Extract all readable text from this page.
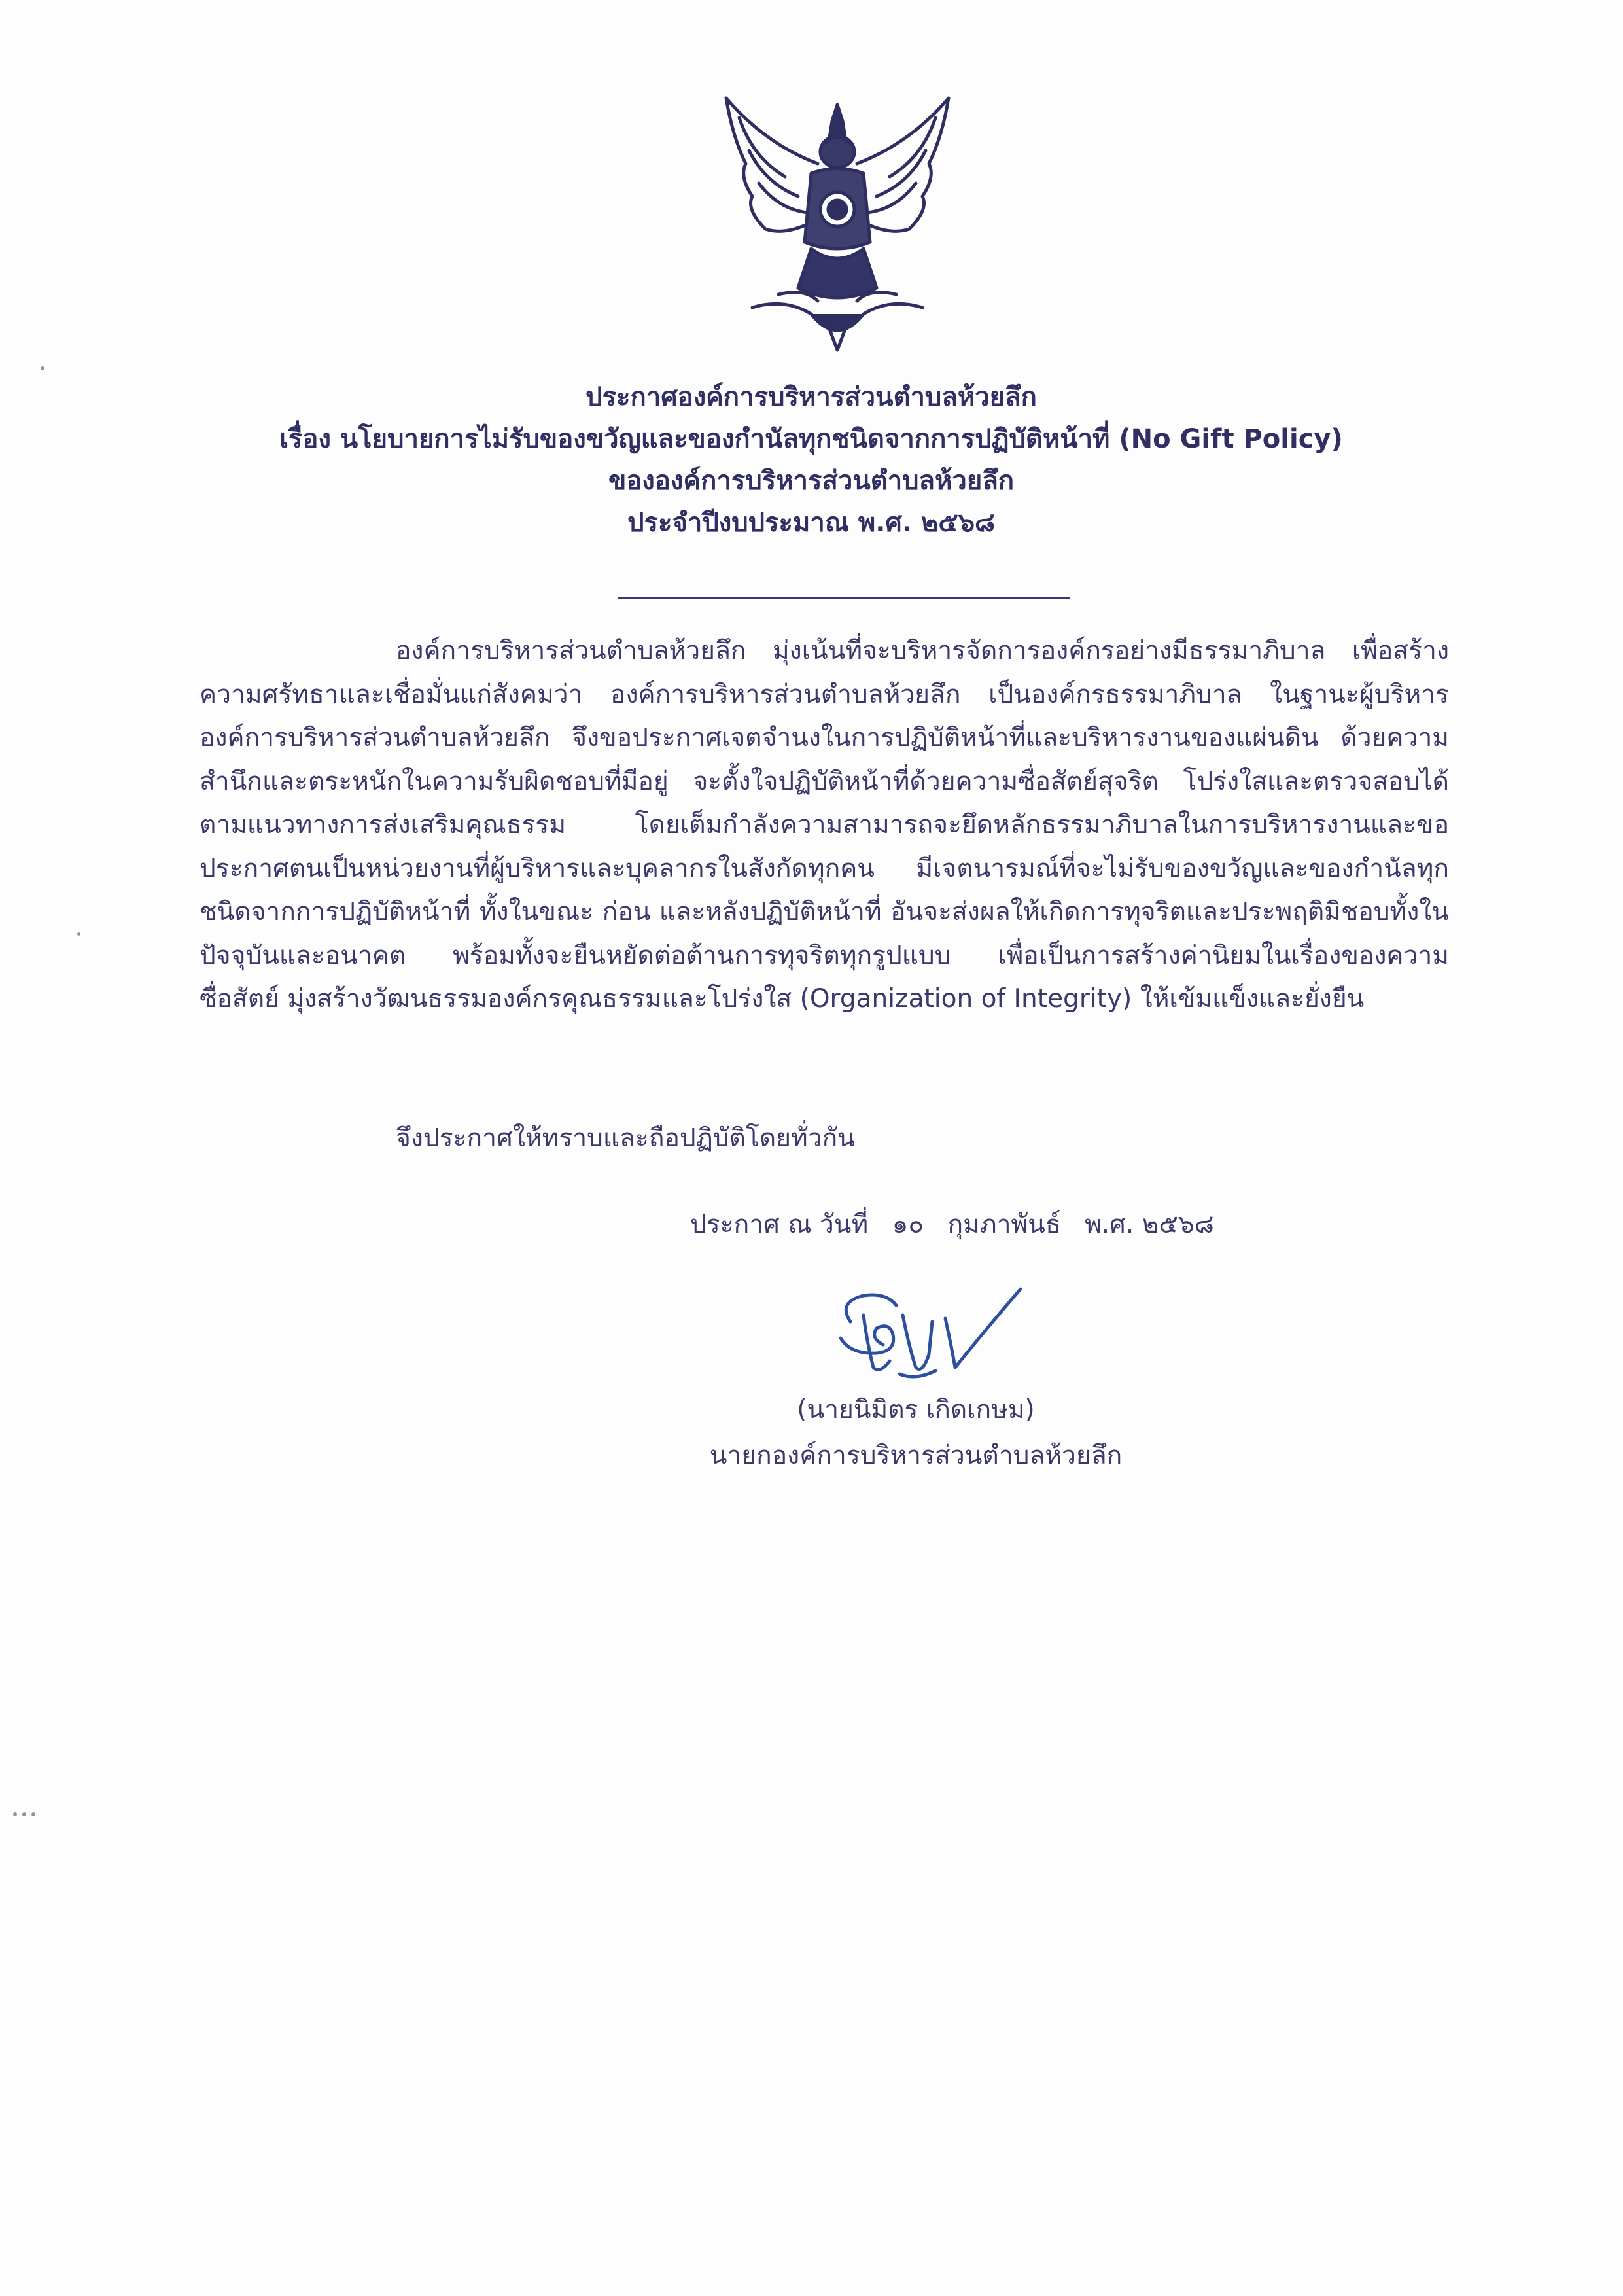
ประกาศองค์การบริหารส่วนตำบลห้วยลึก
เรื่อง นโยบายการไม่รับของขวัญและของกำนัลทุกชนิดจากการปฏิบัติหน้าที่ (No Gift Policy)
ขององค์การบริหารส่วนตำบลห้วยลึก
ประจำปีงบประมาณ พ.ศ. ๒๕๖๘

องค์การบริหารส่วนตำบลห้วยลึก มุ่งเน้นที่จะบริหารจัดการองค์กรอย่างมีธรรมาภิบาล เพื่อสร้างความศรัทธาและเชื่อมั่นแก่สังคมว่า องค์การบริหารส่วนตำบลห้วยลึก เป็นองค์กรธรรมาภิบาล ในฐานะผู้บริหารองค์การบริหารส่วนตำบลห้วยลึก จึงขอประกาศเจตจำนงในการปฏิบัติหน้าที่และบริหารงานของแผ่นดิน ด้วยความสำนึกและตระหนักในความรับผิดชอบที่มีอยู่ จะตั้งใจปฏิบัติหน้าที่ด้วยความซื่อสัตย์สุจริต โปร่งใสและตรวจสอบได้ตามแนวทางการส่งเสริมคุณธรรม โดยเต็มกำลังความสามารถจะยึดหลักธรรมาภิบาลในการบริหารงานและขอประกาศตนเป็นหน่วยงานที่ผู้บริหารและบุคลากรในสังกัดทุกคน มีเจตนารมณ์ที่จะไม่รับของขวัญและของกำนัลทุกชนิดจากการปฏิบัติหน้าที่ ทั้งในขณะ ก่อน และหลังปฏิบัติหน้าที่ อันจะส่งผลให้เกิดการทุจริตและประพฤติมิชอบทั้งในปัจจุบันและอนาคต พร้อมทั้งจะยืนหยัดต่อต้านการทุจริตทุกรูปแบบ เพื่อเป็นการสร้างค่านิยมในเรื่องของความซื่อสัตย์ มุ่งสร้างวัฒนธรรมองค์กรคุณธรรมและโปร่งใส (Organization of Integrity) ให้เข้มแข็งและยั่งยืน

จึงประกาศให้ทราบและถือปฏิบัติโดยทั่วกัน
ประกาศ ณ วันที่ ๑๐ กุมภาพันธ์ พ.ศ. ๒๕๖๘
(นายนิมิตร เกิดเกษม)
นายกองค์การบริหารส่วนตำบลห้วยลึก
